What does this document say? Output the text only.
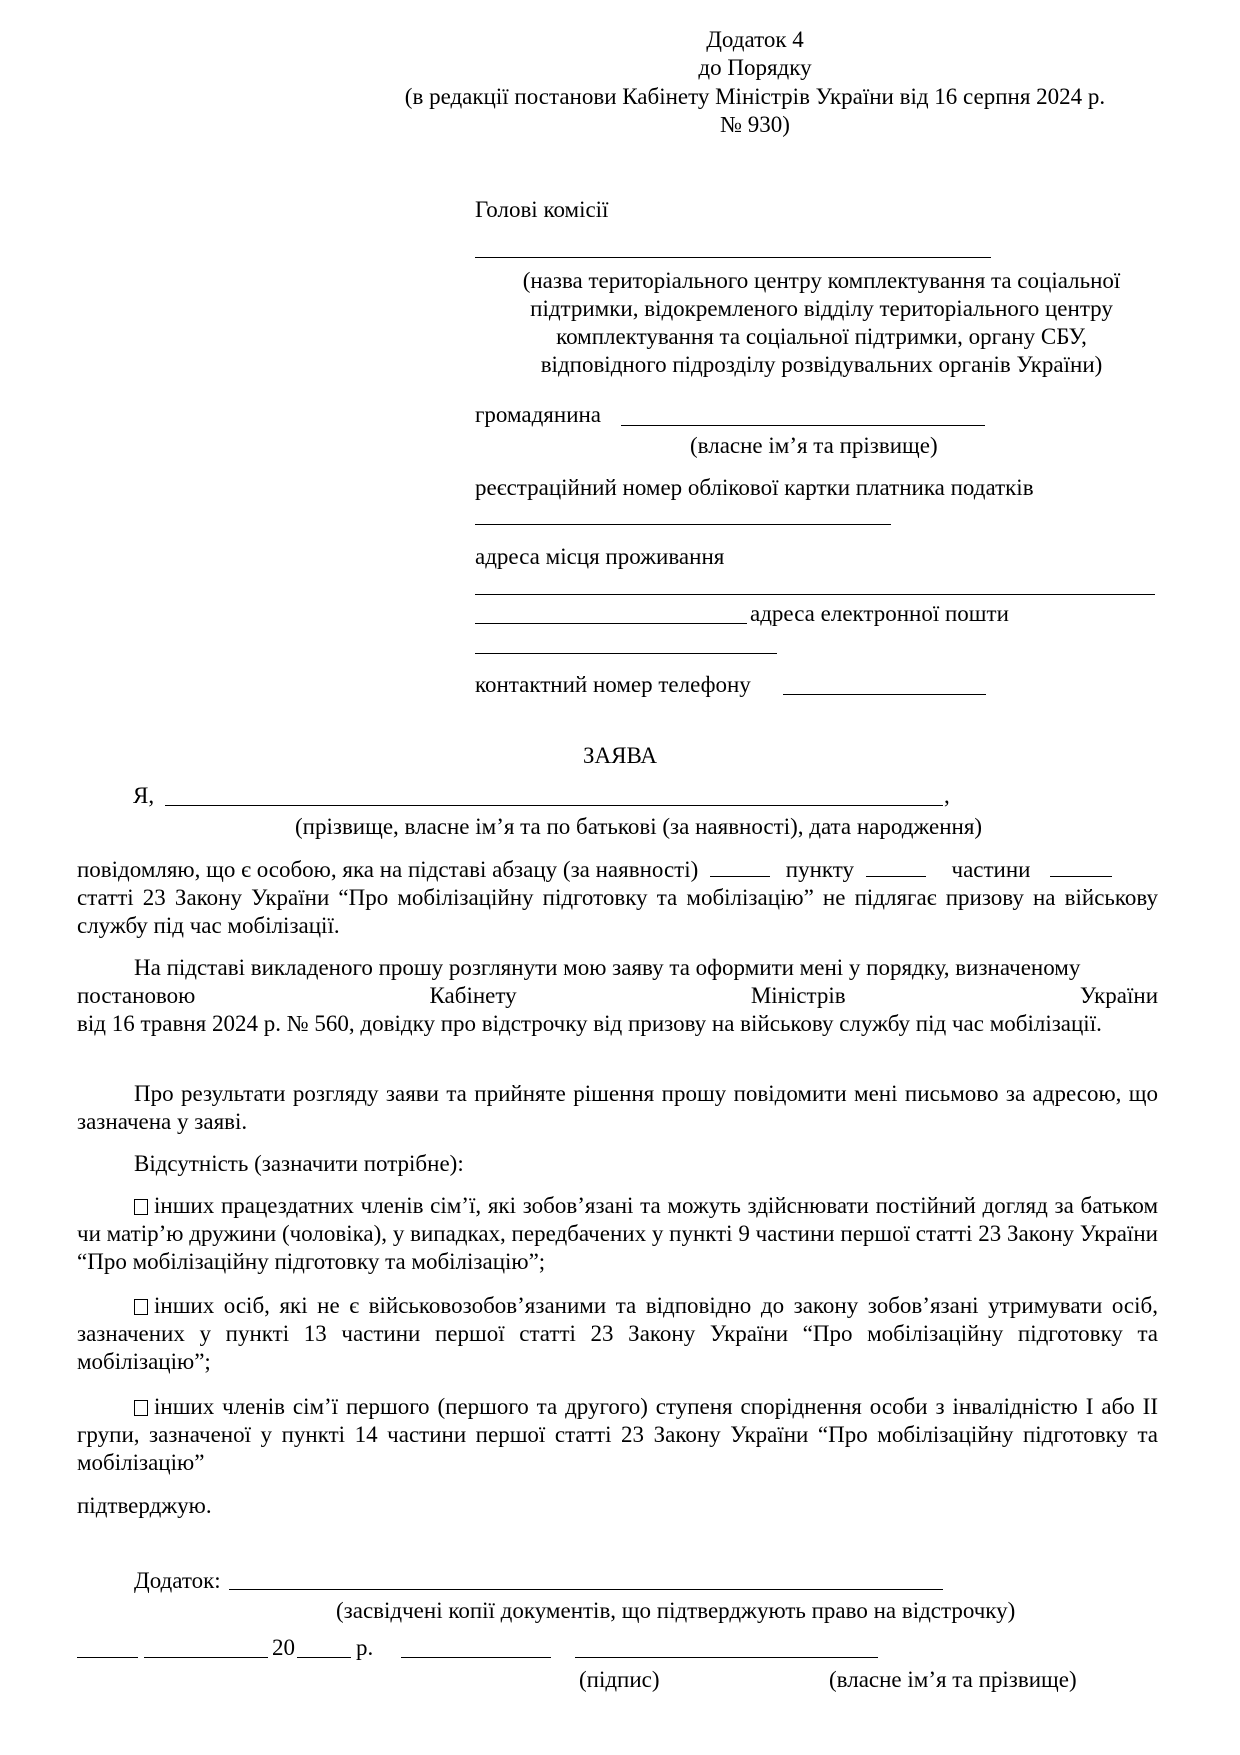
Додаток 4
до Порядку
(в редакції постанови Кабінету Міністрів України від 16 серпня 2024 р.
№ 930)
Голові комісії
(назва територіального центру комплектування та соціальної
підтримки, відокремленого відділу територіального центру
комплектування та соціальної підтримки, органу СБУ,
відповідного підрозділу розвідувальних органів України)
громадянина
(власне ім’я та прізвище)
реєстраційний номер облікової картки платника податків
адреса місця проживання
адреса електронної пошти
контактний номер телефону
ЗАЯВА
Я,	,
(прізвище, власне ім’я та по батькові (за наявності), дата народження)
повідомляю, що є особою, яка на підставі абзацу (за наявності)	пункту	частини
статті 23 Закону України “Про мобілізаційну підготовку та мобілізацію” не підлягає призову на військову службу під час мобілізації.
На підставі викладеного прошу розглянути мою заяву та оформити мені у порядку, визначеному
постановою	Кабінету	Міністрів	України
від 16 травня 2024 р. № 560, довідку про відстрочку від призову на військову службу під час мобілізації.
Про результати розгляду заяви та прийняте рішення прошу повідомити мені письмово за адресою, що зазначена у заяві.
Відсутність (зазначити потрібне):
інших працездатних членів сім’ї, які зобов’язані та можуть здійснювати постійний догляд за батьком чи матір’ю дружини (чоловіка), у випадках, передбачених у пункті 9 частини першої статті 23 Закону України “Про мобілізаційну підготовку та мобілізацію”;
інших осіб, які не є військовозобов’язаними та відповідно до закону зобов’язані утримувати осіб, зазначених у пункті 13 частини першої статті 23 Закону України “Про мобілізаційну підготовку та мобілізацію”;
інших членів сім’ї першого (першого та другого) ступеня споріднення особи з інвалідністю I або II групи, зазначеної у пункті 14 частини першої статті 23 Закону України “Про мобілізаційну підготовку та мобілізацію”
підтверджую.
Додаток:
(засвідчені копії документів, що підтверджують право на відстрочку)
20	р.
(підпис)	(власне ім’я та прізвище)
